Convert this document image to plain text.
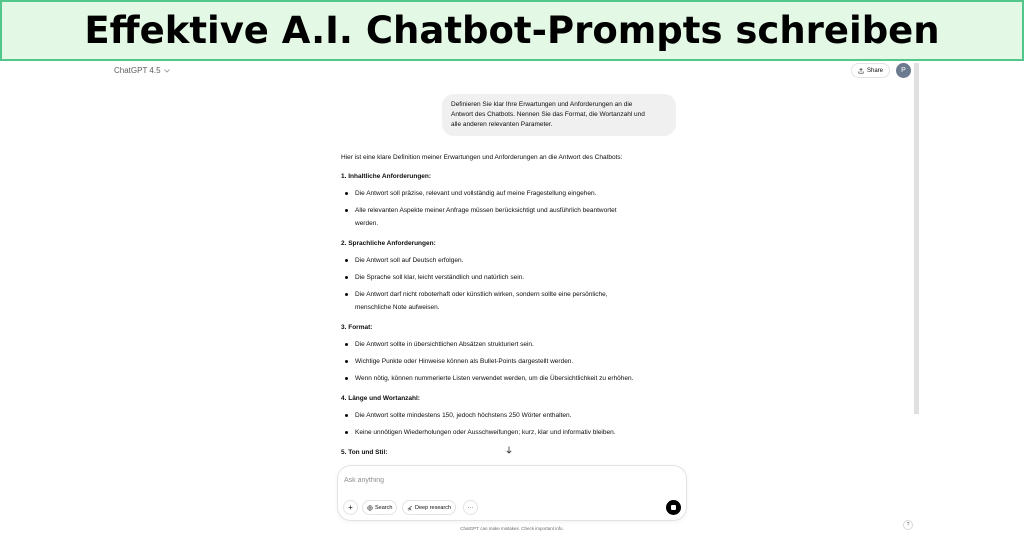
Effektive A.I. Chatbot-Prompts schreiben
ChatGPT 4.5	Share	P
Definieren Sie klar Ihre Erwartungen und Anforderungen an die
Antwort des Chatbots. Nennen Sie das Format, die Wortanzahl und
alle anderen relevanten Parameter.
Hier ist eine klare Definition meiner Erwartungen und Anforderungen an die Antwort des Chatbots:
1. Inhaltliche Anforderungen:
Die Antwort soll präzise, relevant und vollständig auf meine Fragestellung eingehen.
Alle relevanten Aspekte meiner Anfrage müssen berücksichtigt und ausführlich beantwortet
werden.
2. Sprachliche Anforderungen:
Die Antwort soll auf Deutsch erfolgen.
Die Sprache soll klar, leicht verständlich und natürlich sein.
Die Antwort darf nicht roboterhaft oder künstlich wirken, sondern sollte eine persönliche,
menschliche Note aufweisen.
3. Format:
Die Antwort sollte in übersichtlichen Absätzen strukturiert sein.
Wichtige Punkte oder Hinweise können als Bullet-Points dargestellt werden.
Wenn nötig, können nummerierte Listen verwendet werden, um die Übersichtlichkeit zu erhöhen.
4. Länge und Wortanzahl:
Die Antwort sollte mindestens 150, jedoch höchstens 250 Wörter enthalten.
Keine unnötigen Wiederholungen oder Ausschweifungen; kurz, klar und informativ bleiben.
5. Ton und Stil:
Ask anything
+	Search	Deep research	···
ChatGPT can make mistakes. Check important info.
?
